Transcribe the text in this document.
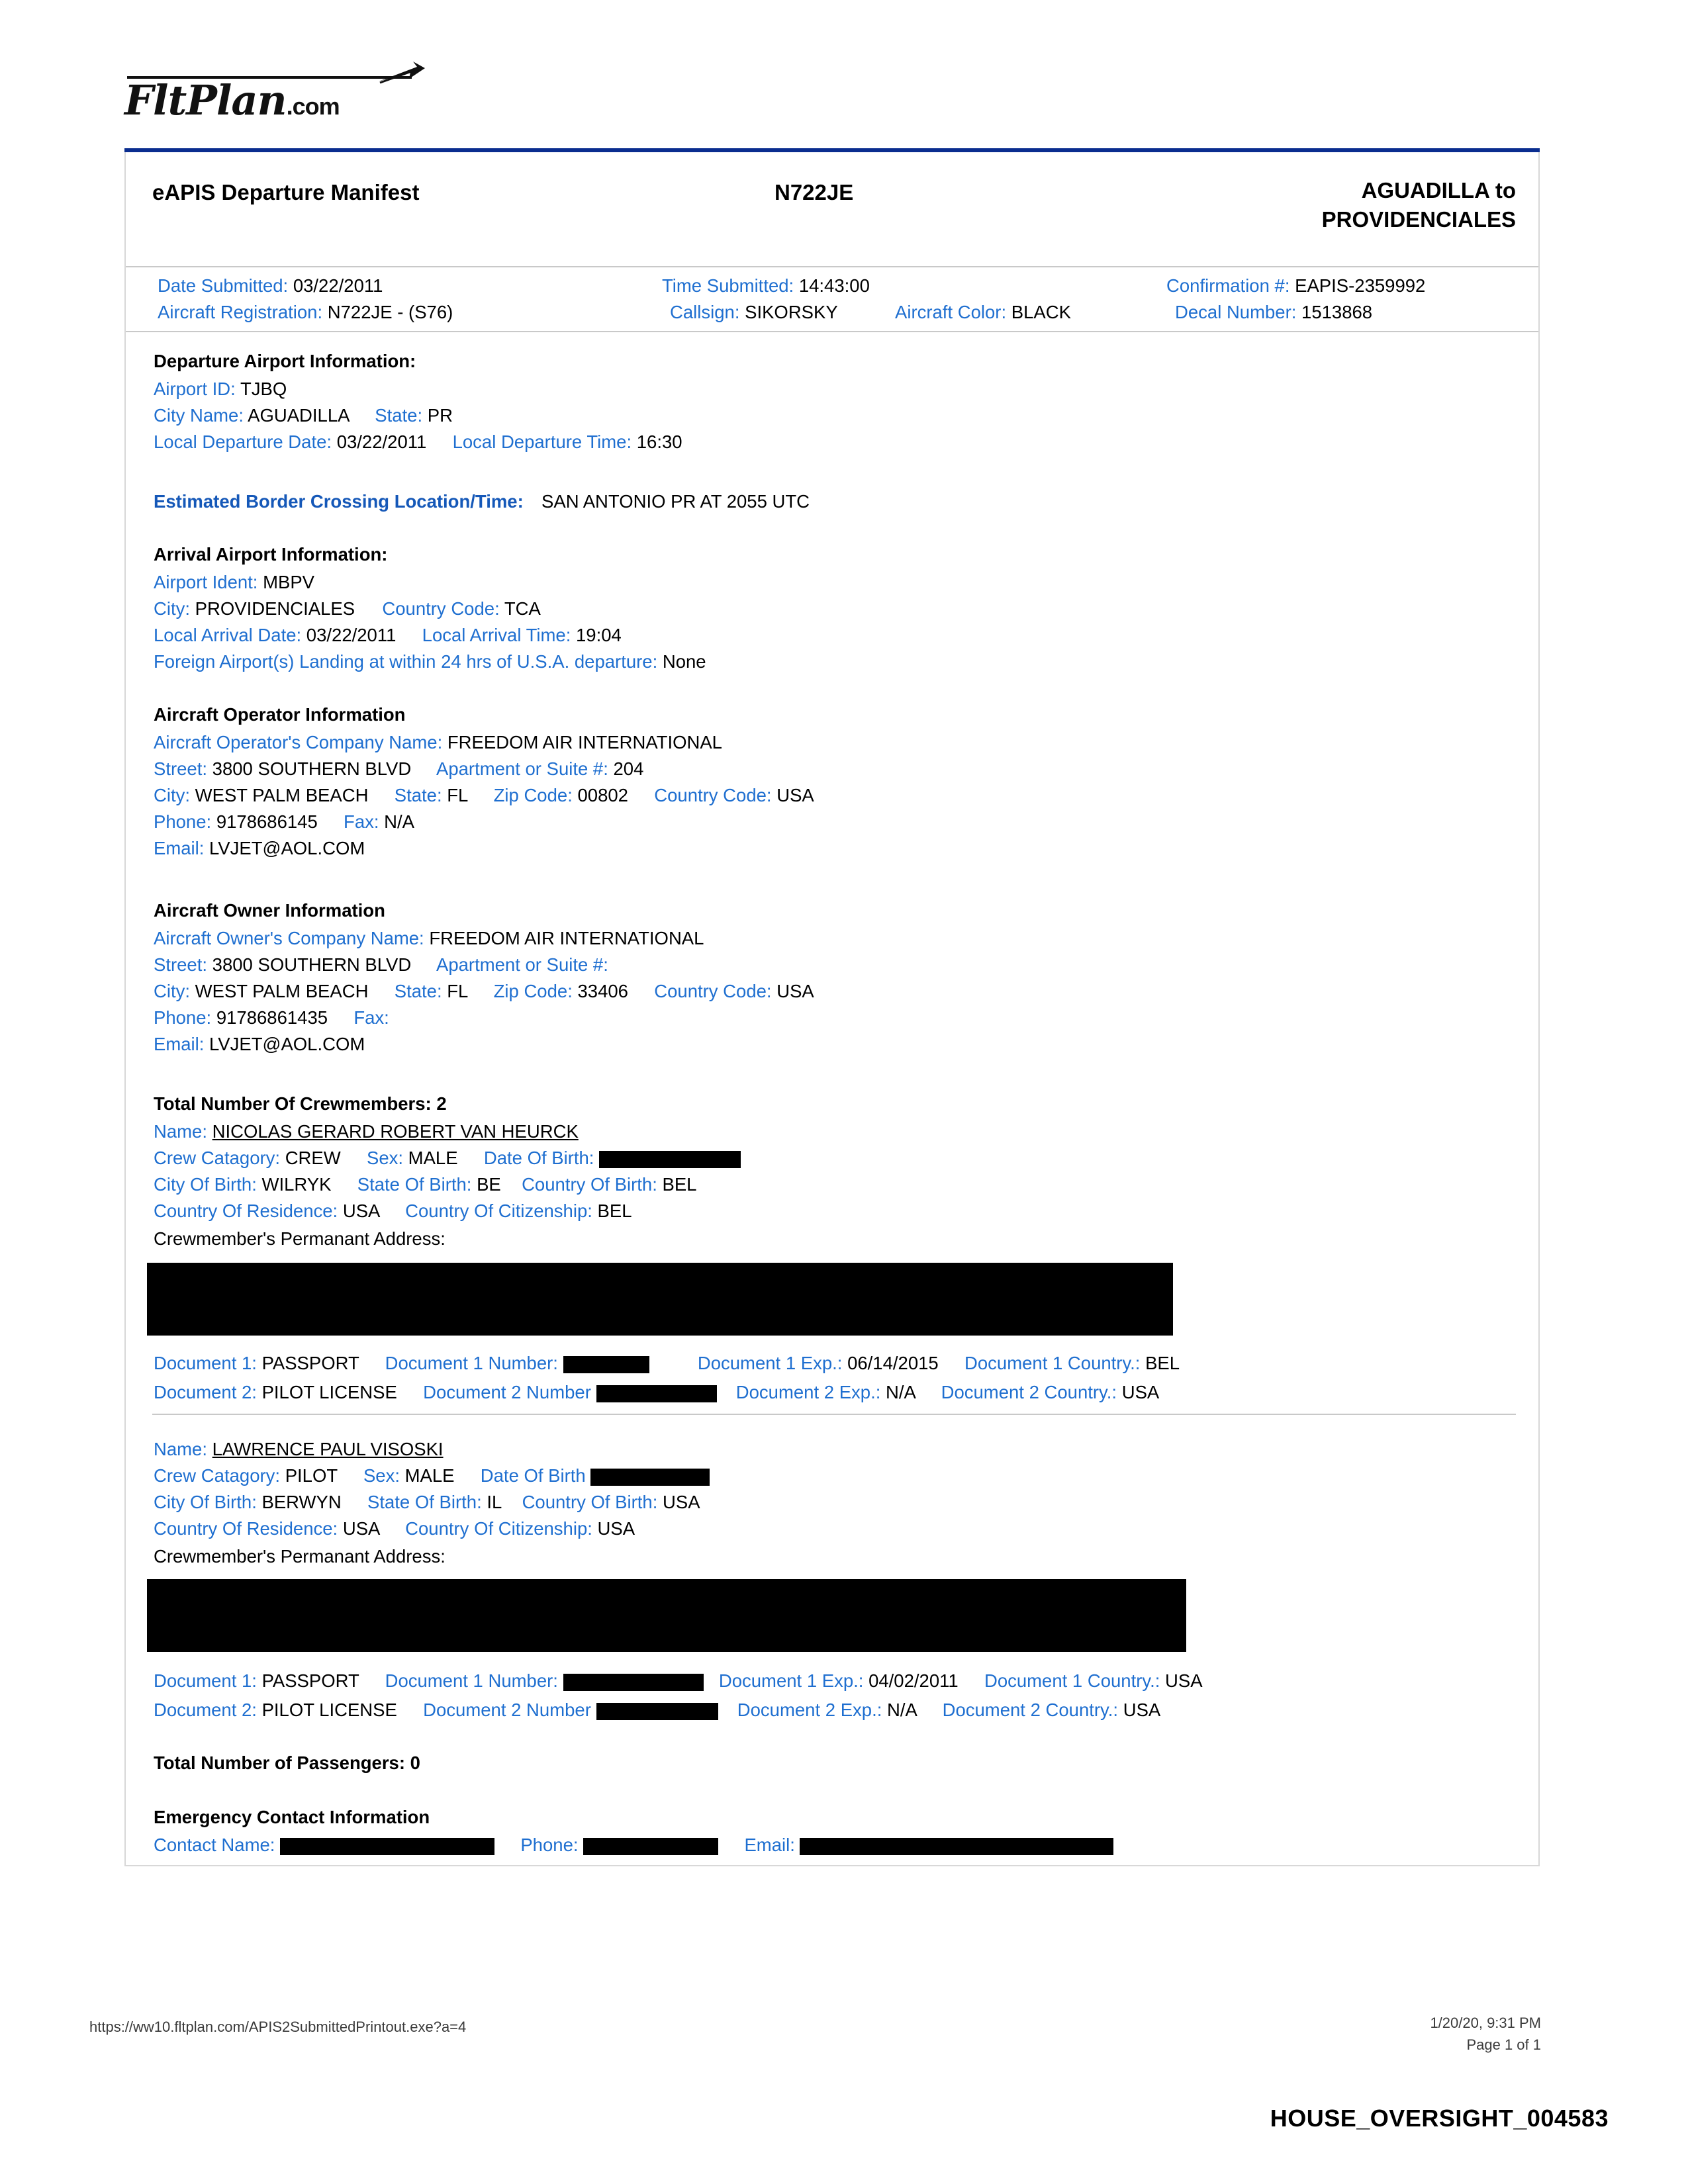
FltPlan.com
eAPIS Departure Manifest	N722JE	AGUADILLA to
PROVIDENCIALES
Date Submitted: 03/22/2011	Time Submitted: 14:43:00	Confirmation #: EAPIS-2359992
Aircraft Registration: N722JE - (S76)	Callsign: SIKORSKY	Aircraft Color: BLACK	Decal Number: 1513868
Departure Airport Information:
Airport ID: TJBQ
City Name: AGUADILLA State: PR
Local Departure Date: 03/22/2011 Local Departure Time: 16:30
Estimated Border Crossing Location/Time: SAN ANTONIO PR AT 2055 UTC
Arrival Airport Information:
Airport Ident: MBPV
City: PROVIDENCIALES Country Code: TCA
Local Arrival Date: 03/22/2011 Local Arrival Time: 19:04
Foreign Airport(s) Landing at within 24 hrs of U.S.A. departure: None
Aircraft Operator Information
Aircraft Operator's Company Name: FREEDOM AIR INTERNATIONAL
Street: 3800 SOUTHERN BLVD Apartment or Suite #: 204
City: WEST PALM BEACH State: FL Zip Code: 00802 Country Code: USA
Phone: 9178686145 Fax: N/A
Email: LVJET@AOL.COM
Aircraft Owner Information
Aircraft Owner's Company Name: FREEDOM AIR INTERNATIONAL
Street: 3800 SOUTHERN BLVD Apartment or Suite #:
City: WEST PALM BEACH State: FL Zip Code: 33406 Country Code: USA
Phone: 91786861435 Fax:
Email: LVJET@AOL.COM
Total Number Of Crewmembers: 2
Name: NICOLAS GERARD ROBERT VAN HEURCK
Crew Catagory: CREW Sex: MALE Date Of Birth:
City Of Birth: WILRYK State Of Birth: BE Country Of Birth: BEL
Country Of Residence: USA Country Of Citizenship: BEL
Crewmember's Permanant Address:
Document 1: PASSPORT Document 1 Number:	Document 1 Exp.: 06/14/2015 Document 1 Country.: BEL
Document 2: PILOT LICENSE Document 2 Number	Document 2 Exp.: N/A Document 2 Country.: USA
Name: LAWRENCE PAUL VISOSKI
Crew Catagory: PILOT Sex: MALE Date Of Birth
City Of Birth: BERWYN State Of Birth: IL Country Of Birth: USA
Country Of Residence: USA Country Of Citizenship: USA
Crewmember's Permanant Address:
Document 1: PASSPORT Document 1 Number:	Document 1 Exp.: 04/02/2011 Document 1 Country.: USA
Document 2: PILOT LICENSE Document 2 Number	Document 2 Exp.: N/A Document 2 Country.: USA
Total Number of Passengers: 0
Emergency Contact Information
Contact Name:	Phone:	Email:
https://ww10.fltplan.com/APIS2SubmittedPrintout.exe?a=4	1/20/20, 9:31 PM
Page 1 of 1
HOUSE_OVERSIGHT_004583
